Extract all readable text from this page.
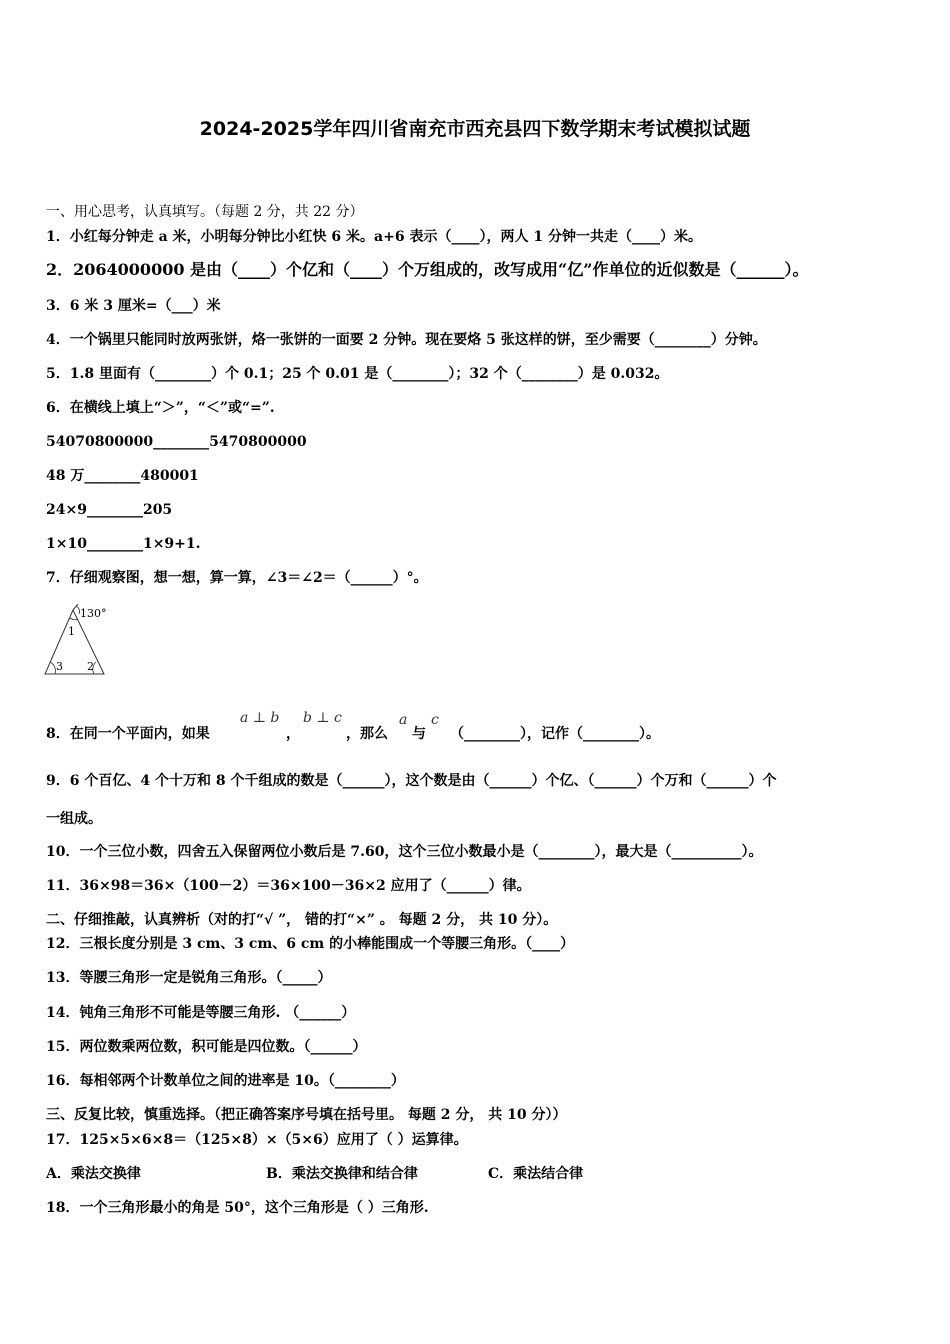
2024-2025学年四川省南充市西充县四下数学期末考试模拟试题
一、用心思考，认真填写。（每题 2 分，共 22 分）
1．小红每分钟走 a 米，小明每分钟比小红快 6 米。a+6 表示（____），两人 1 分钟一共走（____）米。
2．2064000000 是由（____）个亿和（____）个万组成的，改写成用“亿”作单位的近似数是（______）。
3．6 米 3 厘米=（___）米
4．一个锅里只能同时放两张饼，烙一张饼的一面要 2 分钟。现在要烙 5 张这样的饼，至少需要（________）分钟。
5．1.8 里面有（________）个 0.1；25 个 0.01 是（________）；32 个（________）是 0.032。
6．在横线上填上“＞”，“＜”或“=”.
54070800000________5470800000
48 万________480001
24×9________205
1×10________1×9+1.
7．仔细观察图，想一想，算一算，∠3＝∠2＝（______）°。
130°
1
3 2
8．在同一个平面内，如果
a ⊥ b
，
b ⊥ c
，那么
a
与
c
（________），记作（________）。
9．6 个百亿、4 个十万和 8 个千组成的数是（______），这个数是由（______）个亿、（______）个万和（______）个
一组成。
10．一个三位小数，四舍五入保留两位小数后是 7.60，这个三位小数最小是（________），最大是（__________）。
11．36×98＝36×（100－2）＝36×100－36×2 应用了（______）律。
二、仔细推敲，认真辨析（对的打“√ ”， 错的打“×” 。 每题 2 分， 共 10 分）。
12．三根长度分别是 3 cm、3 cm、6 cm 的小棒能围成一个等腰三角形。（____）
13．等腰三角形一定是锐角三角形。（_____）
14．钝角三角形不可能是等腰三角形. （______）
15．两位数乘两位数，积可能是四位数。（______）
16．每相邻两个计数单位之间的进率是 10。（________）
三、反复比较，慎重选择。（把正确答案序号填在括号里。 每题 2 分， 共 10 分））
17．125×5×6×8＝（125×8）×（5×6）应用了（ ）运算律。
A．乘法交换律	B．乘法交换律和结合律	C．乘法结合律
18．一个三角形最小的角是 50°，这个三角形是（ ）三角形.
